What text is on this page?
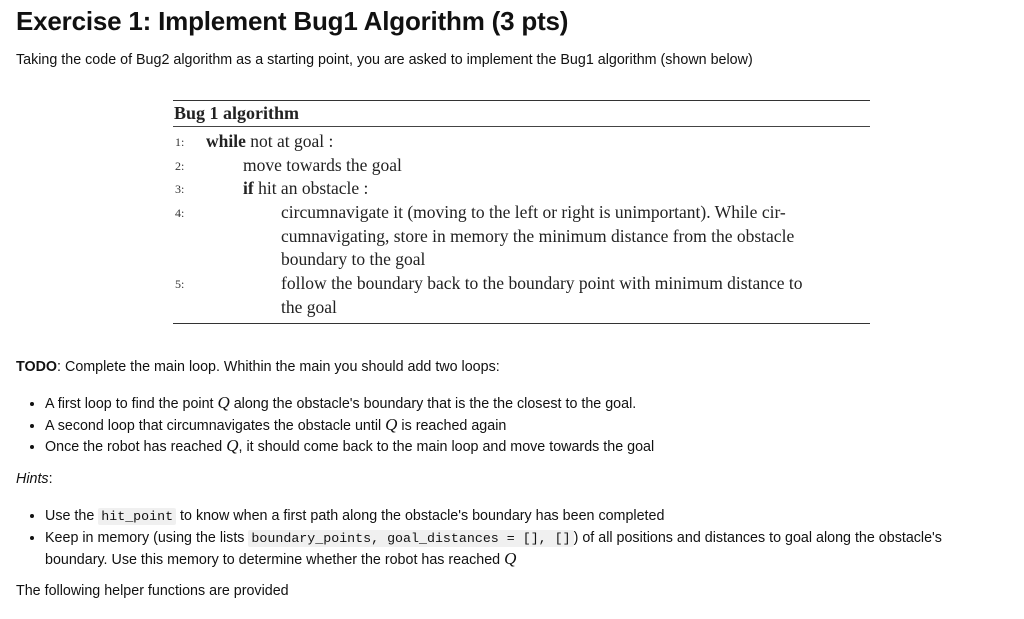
Exercise 1: Implement Bug1 Algorithm (3 pts)
Taking the code of Bug2 algorithm as a starting point, you are asked to implement the Bug1 algorithm (shown below)
Bug 1 algorithm
1: while not at goal :
2:	move towards the goal
3:	if hit an obstacle :
4:	circumnavigate it (moving to the left or right is unimportant). While cir-
cumnavigating, store in memory the minimum distance from the obstacle
boundary to the goal
5:	follow the boundary back to the boundary point with minimum distance to
the goal
TODO: Complete the main loop. Whithin the main you should add two loops:
• A first loop to find the point Q along the obstacle's boundary that is the the closest to the goal.
• A second loop that circumnavigates the obstacle until Q is reached again
• Once the robot has reached Q, it should come back to the main loop and move towards the goal
Hints:
• Use the hit_point to know when a first path along the obstacle's boundary has been completed
• Keep in memory (using the lists boundary_points, goal_distances = [], [] ) of all positions and distances to goal along the obstacle's
boundary. Use this memory to determine whether the robot has reached Q
The following helper functions are provided
